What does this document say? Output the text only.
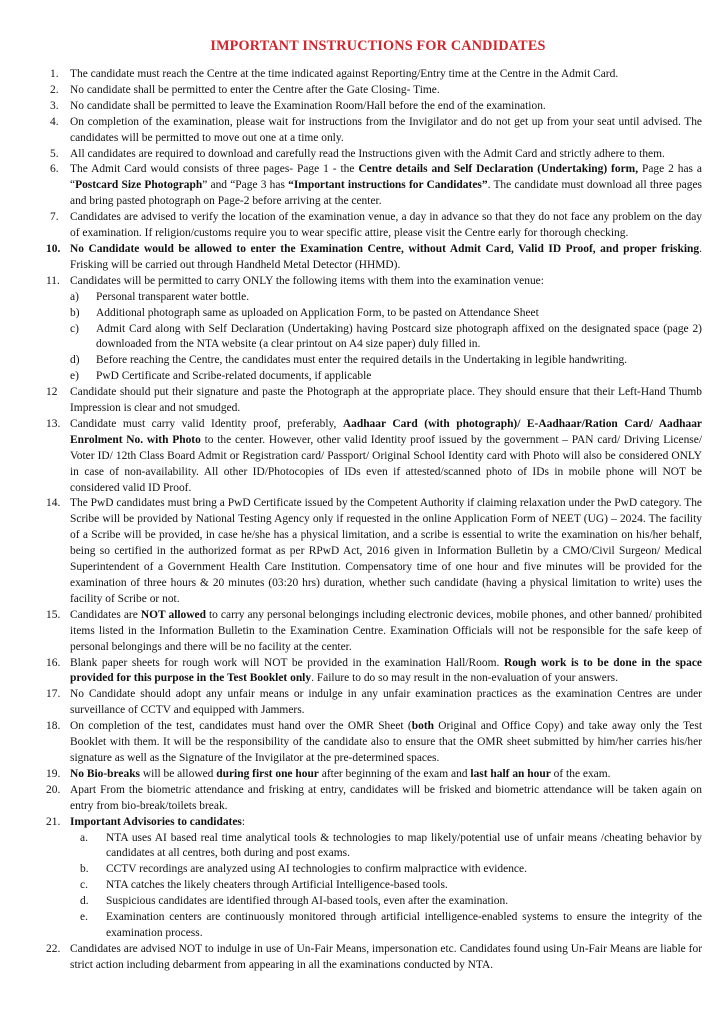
IMPORTANT INSTRUCTIONS FOR CANDIDATES
1. The candidate must reach the Centre at the time indicated against Reporting/Entry time at the Centre in the Admit Card.
2. No candidate shall be permitted to enter the Centre after the Gate Closing- Time.
3. No candidate shall be permitted to leave the Examination Room/Hall before the end of the examination.
4. On completion of the examination, please wait for instructions from the Invigilator and do not get up from your seat until advised. The candidates will be permitted to move out one at a time only.
5. All candidates are required to download and carefully read the Instructions given with the Admit Card and strictly adhere to them.
6. The Admit Card would consists of three pages- Page 1 - the Centre details and Self Declaration (Undertaking) form, Page 2 has a “Postcard Size Photograph” and “Page 3 has “Important instructions for Candidates”. The candidate must download all three pages and bring pasted photograph on Page-2 before arriving at the center.
7. Candidates are advised to verify the location of the examination venue, a day in advance so that they do not face any problem on the day of examination. If religion/customs require you to wear specific attire, please visit the Centre early for thorough checking.
10. No Candidate would be allowed to enter the Examination Centre, without Admit Card, Valid ID Proof, and proper frisking. Frisking will be carried out through Handheld Metal Detector (HHMD).
11. Candidates will be permitted to carry ONLY the following items with them into the examination venue:
a) Personal transparent water bottle.
b) Additional photograph same as uploaded on Application Form, to be pasted on Attendance Sheet
c) Admit Card along with Self Declaration (Undertaking) having Postcard size photograph affixed on the designated space (page 2) downloaded from the NTA website (a clear printout on A4 size paper) duly filled in.
d) Before reaching the Centre, the candidates must enter the required details in the Undertaking in legible handwriting.
e) PwD Certificate and Scribe-related documents, if applicable
12 Candidate should put their signature and paste the Photograph at the appropriate place. They should ensure that their Left-Hand Thumb Impression is clear and not smudged.
13. Candidate must carry valid Identity proof, preferably, Aadhaar Card (with photograph)/ E-Aadhaar/Ration Card/ Aadhaar Enrolment No. with Photo to the center. However, other valid Identity proof issued by the government – PAN card/ Driving License/ Voter ID/ 12th Class Board Admit or Registration card/ Passport/ Original School Identity card with Photo will also be considered ONLY in case of non-availability. All other ID/Photocopies of IDs even if attested/scanned photo of IDs in mobile phone will NOT be considered valid ID Proof.
14. The PwD candidates must bring a PwD Certificate issued by the Competent Authority if claiming relaxation under the PwD category. The Scribe will be provided by National Testing Agency only if requested in the online Application Form of NEET (UG) – 2024. The facility of a Scribe will be provided, in case he/she has a physical limitation, and a scribe is essential to write the examination on his/her behalf, being so certified in the authorized format as per RPwD Act, 2016 given in Information Bulletin by a CMO/Civil Surgeon/ Medical Superintendent of a Government Health Care Institution. Compensatory time of one hour and five minutes will be provided for the examination of three hours & 20 minutes (03:20 hrs) duration, whether such candidate (having a physical limitation to write) uses the facility of Scribe or not.
15. Candidates are NOT allowed to carry any personal belongings including electronic devices, mobile phones, and other banned/ prohibited items listed in the Information Bulletin to the Examination Centre. Examination Officials will not be responsible for the safe keep of personal belongings and there will be no facility at the center.
16. Blank paper sheets for rough work will NOT be provided in the examination Hall/Room. Rough work is to be done in the space provided for this purpose in the Test Booklet only. Failure to do so may result in the non-evaluation of your answers.
17. No Candidate should adopt any unfair means or indulge in any unfair examination practices as the examination Centres are under surveillance of CCTV and equipped with Jammers.
18. On completion of the test, candidates must hand over the OMR Sheet (both Original and Office Copy) and take away only the Test Booklet with them. It will be the responsibility of the candidate also to ensure that the OMR sheet submitted by him/her carries his/her signature as well as the Signature of the Invigilator at the pre-determined spaces.
19. No Bio-breaks will be allowed during first one hour after beginning of the exam and last half an hour of the exam.
20. Apart From the biometric attendance and frisking at entry, candidates will be frisked and biometric attendance will be taken again on entry from bio-break/toilets break.
21. Important Advisories to candidates:
a. NTA uses AI based real time analytical tools & technologies to map likely/potential use of unfair means /cheating behavior by candidates at all centres, both during and post exams.
b. CCTV recordings are analyzed using AI technologies to confirm malpractice with evidence.
c. NTA catches the likely cheaters through Artificial Intelligence-based tools.
d. Suspicious candidates are identified through AI-based tools, even after the examination.
e. Examination centers are continuously monitored through artificial intelligence-enabled systems to ensure the integrity of the examination process.
22. Candidates are advised NOT to indulge in use of Un-Fair Means, impersonation etc. Candidates found using Un-Fair Means are liable for strict action including debarment from appearing in all the examinations conducted by NTA.
